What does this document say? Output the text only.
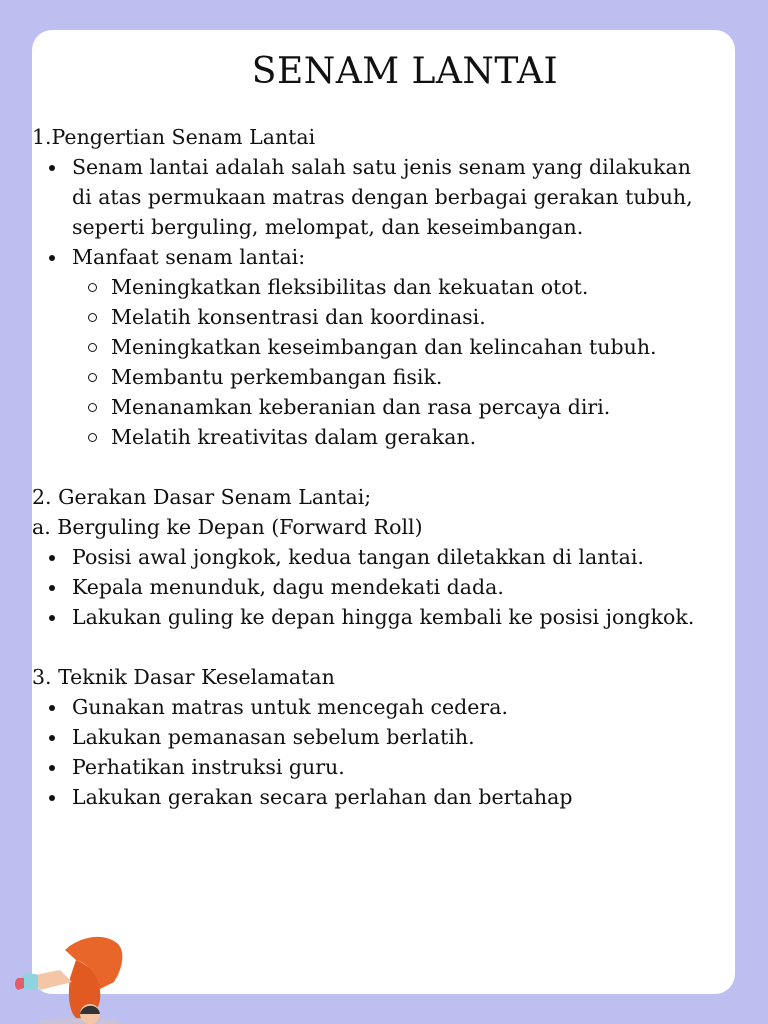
SENAM LANTAI
1.Pengertian Senam Lantai
Senam lantai adalah salah satu jenis senam yang dilakukan
di atas permukaan matras dengan berbagai gerakan tubuh,
seperti berguling, melompat, dan keseimbangan.
Manfaat senam lantai:
Meningkatkan fleksibilitas dan kekuatan otot.
Melatih konsentrasi dan koordinasi.
Meningkatkan keseimbangan dan kelincahan tubuh.
Membantu perkembangan fisik.
Menanamkan keberanian dan rasa percaya diri.
Melatih kreativitas dalam gerakan.
2. Gerakan Dasar Senam Lantai;
a. Berguling ke Depan (Forward Roll)
Posisi awal jongkok, kedua tangan diletakkan di lantai.
Kepala menunduk, dagu mendekati dada.
Lakukan guling ke depan hingga kembali ke posisi jongkok.
3. Teknik Dasar Keselamatan
Gunakan matras untuk mencegah cedera.
Lakukan pemanasan sebelum berlatih.
Perhatikan instruksi guru.
Lakukan gerakan secara perlahan dan bertahap
